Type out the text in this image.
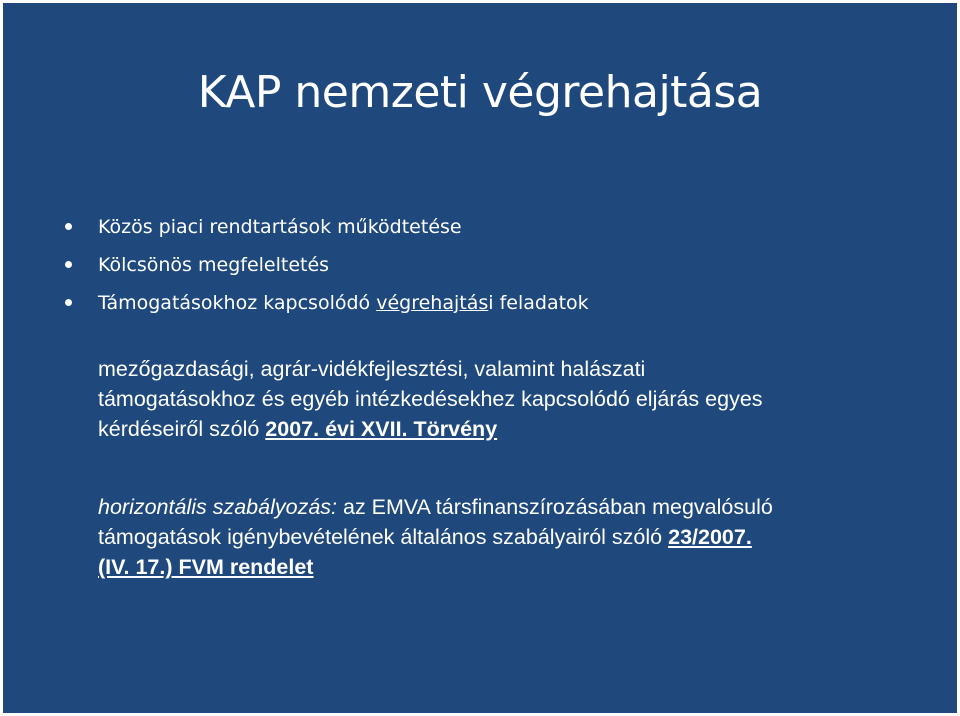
KAP nemzeti végrehajtása
Közös piaci rendtartások működtetése
Kölcsönös megfeleltetés
Támogatásokhoz kapcsolódó végrehajtási feladatok
mezőgazdasági, agrár-vidékfejlesztési, valamint halászati
támogatásokhoz és egyéb intézkedésekhez kapcsolódó eljárás egyes
kérdéseiről szóló 2007. évi XVII. Törvény
horizontális szabályozás: az EMVA társfinanszírozásában megvalósuló
támogatások igénybevételének általános szabályairól szóló 23/2007.
(IV. 17.) FVM rendelet
